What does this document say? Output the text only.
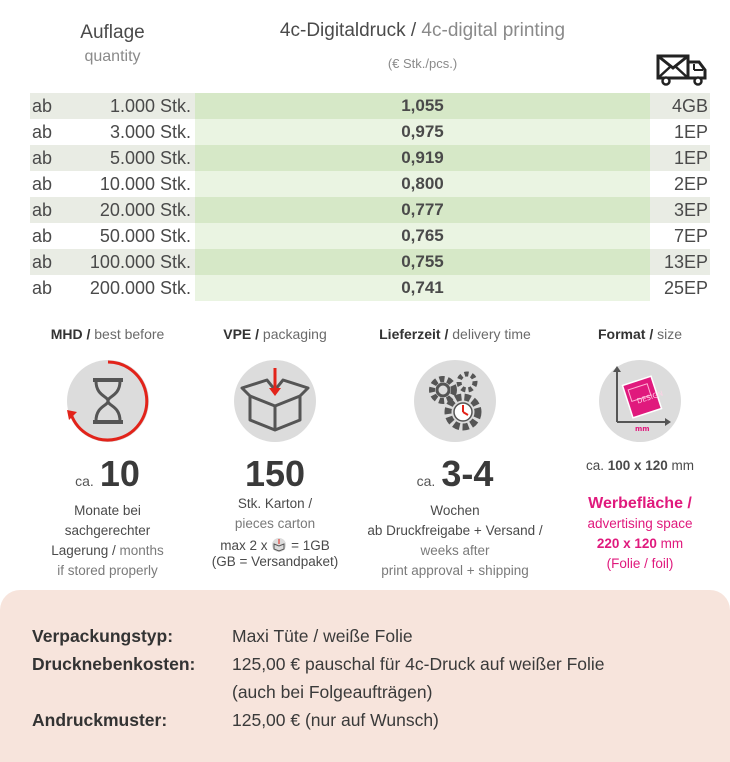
Auflage
quantity
4c-Digitaldruck / 4c-digital printing
(€ Stk./pcs.)
ab	1.000 Stk.	1,055	4GB
ab	3.000 Stk.	0,975	1EP
ab	5.000 Stk.	0,919	1EP
ab	10.000 Stk.	0,800	2EP
ab	20.000 Stk.	0,777	3EP
ab	50.000 Stk.	0,765	7EP
ab	100.000 Stk.	0,755	13EP
ab	200.000 Stk.	0,741	25EP
MHD / best before
ca. 10
Monate bei
sachgerechter
Lagerung / months
if stored properly
VPE / packaging
150
Stk. Karton /
pieces carton
max 2 x = 1GB
(GB = Versandpaket)
Lieferzeit / delivery time
ca. 3-4
Wochen
ab Druckfreigabe + Versand /
weeks after
print approval + shipping
Format / size
DESIGN
mm
ca. 100 x 120 mm
Werbefläche /
advertising space
220 x 120 mm
(Folie / foil)
Verpackungstyp:	Maxi Tüte / weiße Folie
Drucknebenkosten: 125,00 € pauschal für 4c-Druck auf weißer Folie
(auch bei Folgeaufträgen)
Andruckmuster:	125,00 € (nur auf Wunsch)
